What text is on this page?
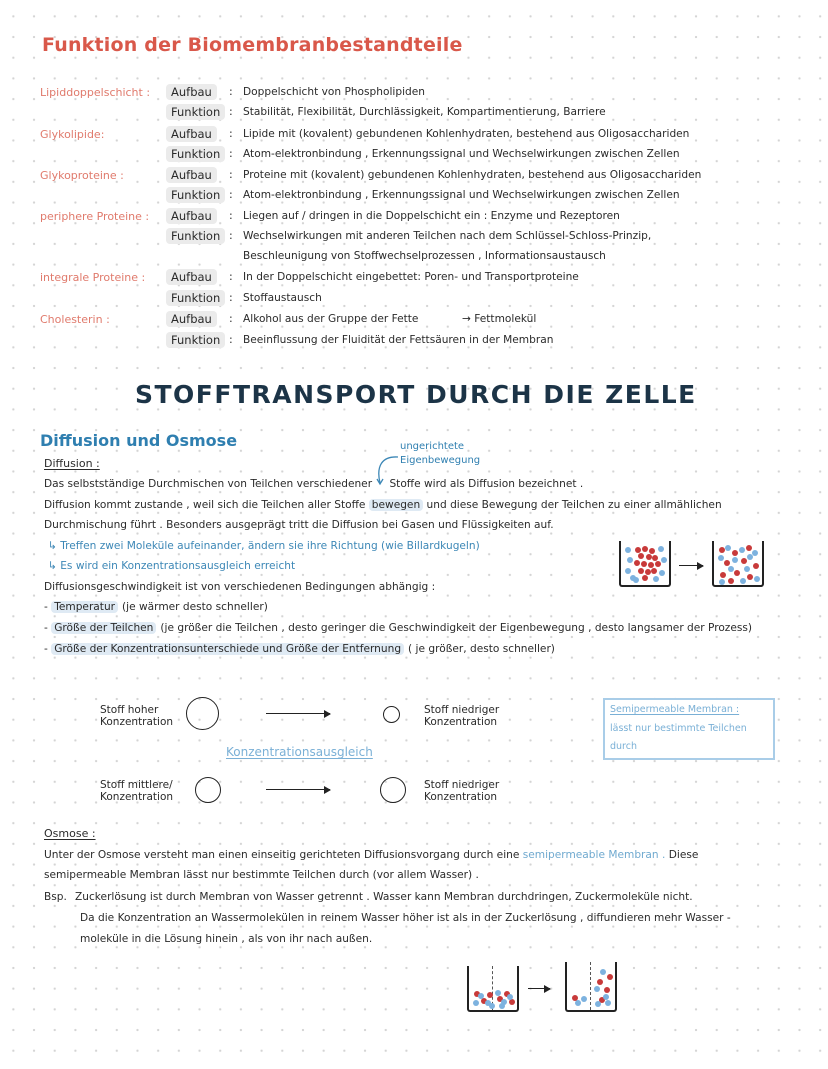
Funktion der Biomembranbestandteile
Lipiddoppelschicht :	Aufbau	: Doppelschicht von Phospholipiden
Funktion : Stabilität, Flexibilität, Durchlässigkeit, Kompartimentierung, Barriere
Glykolipide:	Aufbau	: Lipide mit (kovalent) gebundenen Kohlenhydraten, bestehend aus Oligosacchariden
Funktion : Atom-elektronbindung , Erkennungssignal und Wechselwirkungen zwischen Zellen
Glykoproteine :	Aufbau	: Proteine mit (kovalent) gebundenen Kohlenhydraten, bestehend aus Oligosacchariden
Funktion : Atom-elektronbindung , Erkennungssignal und Wechselwirkungen zwischen Zellen
periphere Proteine :	Aufbau	: Liegen auf / dringen in die Doppelschicht ein : Enzyme und Rezeptoren
Funktion : Wechselwirkungen mit anderen Teilchen nach dem Schlüssel-Schloss-Prinzip,
Beschleunigung von Stoffwechselprozessen , Informationsaustausch
integrale Proteine :	Aufbau	: In der Doppelschicht eingebettet: Poren- und Transportproteine
Funktion : Stoffaustausch
Cholesterin :	Aufbau	: Alkohol aus der Gruppe der Fette	→ Fettmolekül
Funktion : Beeinflussung der Fluidität der Fettsäuren in der Membran
STOFFTRANSPORT DURCH DIE ZELLE
Diffusion und Osmose	ungerichtete
Eigenbewegung
Diffusion :
Das selbstständige Durchmischen von Teilchen verschiedener Stoffe wird als Diffusion bezeichnet .
Diffusion kommt zustande , weil sich die Teilchen aller Stoffe bewegen und diese Bewegung der Teilchen zu einer allmählichen
Durchmischung führt . Besonders ausgeprägt tritt die Diffusion bei Gasen und Flüssigkeiten auf.
↳ Treffen zwei Moleküle aufeinander, ändern sie ihre Richtung (wie Billardkugeln)
↳ Es wird ein Konzentrationsausgleich erreicht
Diffusionsgeschwindigkeit ist von verschiedenen Bedingungen abhängig :
- Temperatur (je wärmer desto schneller)
- Größe der Teilchen (je größer die Teilchen , desto geringer die Geschwindigkeit der Eigenbewegung , desto langsamer der Prozess)
- Größe der Konzentrationsunterschiede und Größe der Entfernung ( je größer, desto schneller)
Stoff hoher
Konzentration
Stoff niedriger
Konzentration
Konzentrationsausgleich
Stoff mittlere/
Konzentration
Stoff niedriger
Konzentration
Semipermeable Membran :
lässt nur bestimmte Teilchen
durch
Osmose :
Unter der Osmose versteht man einen einseitig gerichteten Diffusionsvorgang durch eine semipermeable Membran . Diese
semipermeable Membran lässt nur bestimmte Teilchen durch (vor allem Wasser) .
Bsp. Zuckerlösung ist durch Membran von Wasser getrennt . Wasser kann Membran durchdringen, Zuckermoleküle nicht.
Da die Konzentration an Wassermolekülen in reinem Wasser höher ist als in der Zuckerlösung , diffundieren mehr Wasser -
moleküle in die Lösung hinein , als von ihr nach außen.
